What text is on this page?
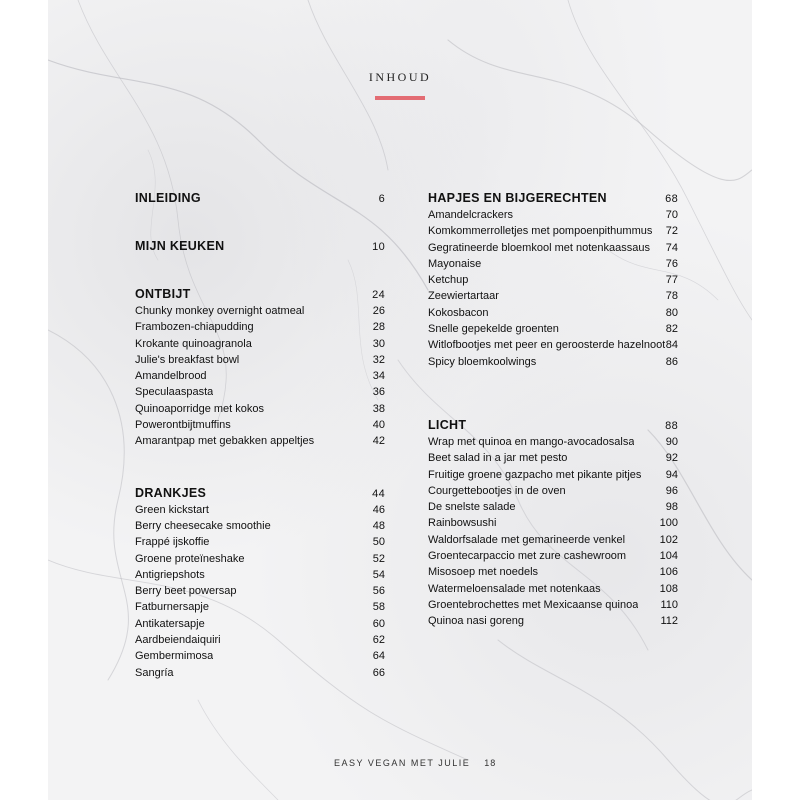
INHOUD
INLEIDING	6
MIJN KEUKEN	10
ONTBIJT	24
Chunky monkey overnight oatmeal	26
Frambozen-chiapudding	28
Krokante quinoagranola	30
Julie's breakfast bowl	32
Amandelbrood	34
Speculaaspasta	36
Quinoaporridge met kokos	38
Powerontbijtmuffins	40
Amarantpap met gebakken appeltjes	42
DRANKJES	44
Green kickstart	46
Berry cheesecake smoothie	48
Frappé ijskoffie	50
Groene proteïneshake	52
Antigriepshots	54
Berry beet powersap	56
Fatburnersapje	58
Antikatersapje	60
Aardbeiendaiquiri	62
Gembermimosa	64
Sangría	66
HAPJES EN BIJGERECHTEN	68
Amandelcrackers	70
Komkommerrolletjes met pompoenpithummus 72
Gegratineerde bloemkool met notenkaassaus 74
Mayonaise	76
Ketchup	77
Zeewiertartaar	78
Kokosbacon	80
Snelle gepekelde groenten	82
Witlofbootjes met peer en geroosterde hazelnoot 84
Spicy bloemkoolwings	86
LICHT	88
Wrap met quinoa en mango-avocadosalsa	90
Beet salad in a jar met pesto	92
Fruitige groene gazpacho met pikante pitjes 94
Courgettebootjes in de oven	96
De snelste salade	98
Rainbowsushi	100
Waldorfsalade met gemarineerde venkel	102
Groentecarpaccio met zure cashewroom	104
Misosoep met noedels	106
Watermeloensalade met notenkaas	108
Groentebrochettes met Mexicaanse quinoa 110
Quinoa nasi goreng	112
EASY VEGAN MET JULIE 18
